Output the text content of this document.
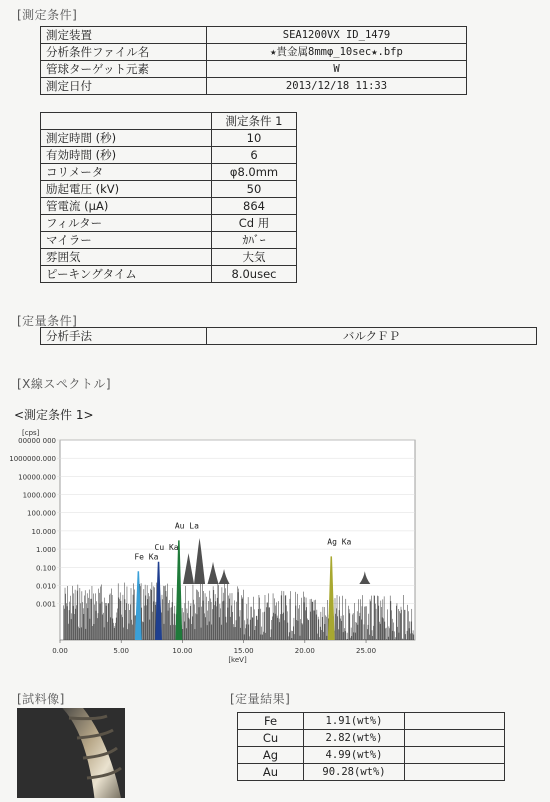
[測定条件]
測定装置	SEA1200VX ID_1479
分析条件ファイル名	★貴金属8mmφ_10sec★.bfp
管球ターゲット元素	W
測定日付	2013/12/18 11:33
	測定条件 1
測定時間 (秒)	10
有効時間 (秒)	6
コリメータ	φ8.0mm
励起電圧 (kV)	50
管電流 (μA)	864
フィルター	Cd 用
マイラー	ｶﾊﾞｰ
雰囲気	大気
ピーキングタイム	8.0usec
[定量条件]
分析手法	バルクＦＰ
[X線スペクトル]
<測定条件 1>
00000 000
1000000.000
10000.000
1000.000
100.000
10.000
1.000
0.100
0.010
0.001
0.00	5.00	10.00	15.00	20.00	25.00
[cps]
[keV]
Fe Ka
Cu Ka
Au La
Ag Ka
[試料像]	[定量結果]
Fe	1.91(wt%)	
Cu	2.82(wt%)	
Ag	4.99(wt%)	
Au	90.28(wt%)	
